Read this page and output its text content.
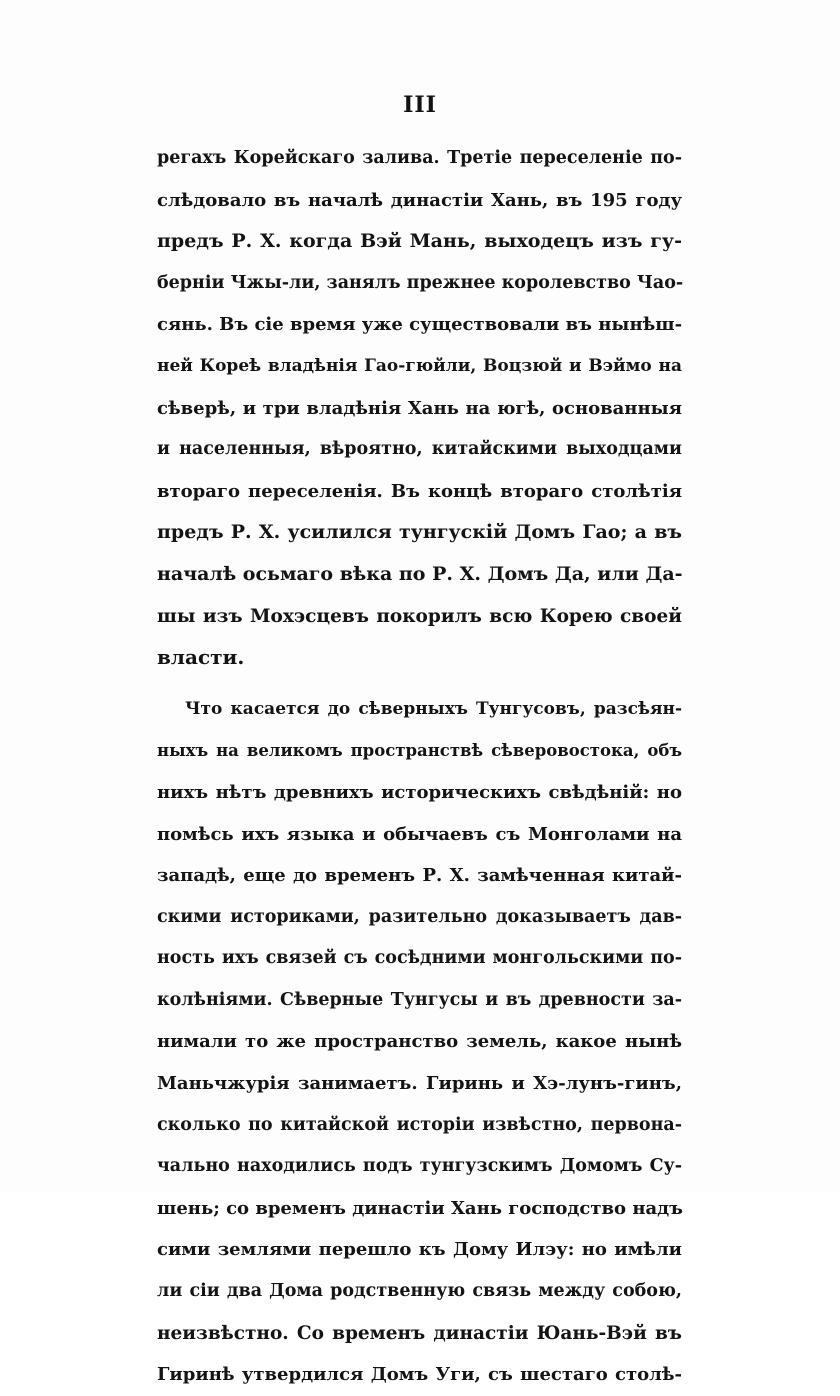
III
регахъ Корейскаго залива. Третіе переселеніе по-
слѣдовало въ началѣ династіи Хань, въ 195 году
предъ Р. Х. когда Вэй Мань, выходецъ изъ гу-
берніи Чжы-ли, занялъ прежнее королевство Чао-
сянь. Въ сіе время уже существовали въ нынѣш-
ней Кореѣ владѣнія Гао-гюйли, Воцзюй и Вэймо на
сѣверѣ, и три владѣнія Хань на югѣ, основанныя
и населенныя, вѣроятно, китайскими выходцами
втораго переселенія. Въ концѣ втораго столѣтія
предъ Р. Х. усилился тунгускій Домъ Гао; а въ
началѣ осьмаго вѣка по Р. Х. Домъ Да, или Да-
шы изъ Мохэсцевъ покорилъ всю Корею своей
власти.
Что касается до сѣверныхъ Тунгусовъ, разсѣян-
ныхъ на великомъ пространствѣ сѣверовостока, объ
нихъ нѣтъ древнихъ историческихъ свѣдѣній: но
помѣсь ихъ языка и обычаевъ съ Монголами на
западѣ, еще до временъ Р. Х. замѣченная китай-
скими историками, разительно доказываетъ дав-
ность ихъ связей съ сосѣдними монгольскими по-
колѣніями. Сѣверные Тунгусы и въ древности за-
нимали то же пространство земель, какое нынѣ
Маньчжурія занимаетъ. Гиринь и Хэ-лунъ-гинъ,
сколько по китайской исторіи извѣстно, первона-
чально находились подъ тунгузскимъ Домомъ Су-
шень; со временъ династіи Хань господство надъ
сими землями перешло къ Дому Илэу: но имѣли
ли сіи два Дома родственную связь между собою,
неизвѣстно. Со временъ династіи Юань-Вэй въ
Гиринѣ утвердился Домъ Уги, съ шестаго столѣ-
